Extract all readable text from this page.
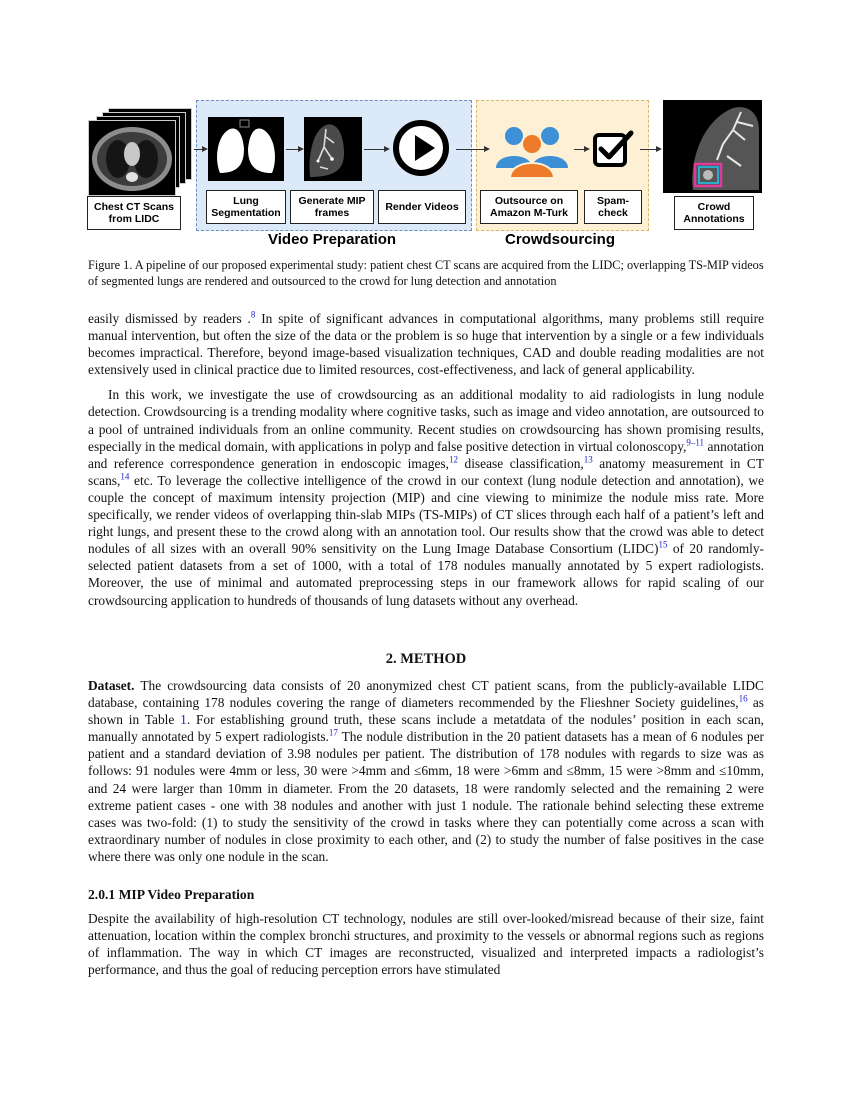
Chest CT Scans
from LIDC
Lung
Segmentation
Generate MIP
frames	Render Videos	Outsource on
Amazon M-Turk
Spam-
check	Crowd
Annotations
Video Preparation	Crowdsourcing
Figure 1. A pipeline of our proposed experimental study: patient chest CT scans are acquired from the LIDC; overlapping TS-MIP videos of segmented lungs are rendered and outsourced to the crowd for lung detection and annotation

easily dismissed by readers .$^8$ In spite of significant advances in computational algorithms, many problems still require manual intervention, but often the size of the data or the problem is so huge that intervention by a single or a few individuals becomes impractical. Therefore, beyond image-based visualization techniques, CAD and double reading modalities are not extensively used in clinical practice due to limited resources, cost-effectiveness, and lack of general applicability.

In this work, we investigate the use of crowdsourcing as an additional modality to aid radiologists in lung nodule detection. Crowdsourcing is a trending modality where cognitive tasks, such as image and video annotation, are outsourced to a pool of untrained individuals from an online community. Recent studies on crowdsourcing has shown promising results, especially in the medical domain, with applications in polyp and false positive detection in virtual colonoscopy,$^{9-11}$ annotation and reference correspondence generation in endoscopic images,$^{12}$ disease classification,$^{13}$ anatomy measurement in CT scans,$^{14}$ etc. To leverage the collective intelligence of the crowd in our context (lung nodule detection and annotation), we couple the concept of maximum intensity projection (MIP) and cine viewing to minimize the nodule miss rate. More specifically, we render videos of overlapping thin-slab MIPs (TS-MIPs) of CT slices through each half of a patient’s left and right lungs, and present these to the crowd along with an annotation tool. Our results show that the crowd was able to detect nodules of all sizes with an overall 90% sensitivity on the Lung Image Database Consortium (LIDC)$^{15}$ of 20 randomly-selected patient datasets from a set of 1000, with a total of 178 nodules manually annotated by 5 expert radiologists. Moreover, the use of minimal and automated preprocessing steps in our framework allows for rapid scaling of our crowdsourcing application to hundreds of thousands of lung datasets without any overhead.

2. METHOD

Dataset. The crowdsourcing data consists of 20 anonymized chest CT patient scans, from the publicly-available LIDC database, containing 178 nodules covering the range of diameters recommended by the Flieshner Society guidelines,$^{16}$ as shown in Table 1. For establishing ground truth, these scans include a metatdata of the nodules’ position in each scan, manually annotated by 5 expert radiologists.$^{17}$ The nodule distribution in the 20 patient datasets has a mean of 6 nodules per patient and a standard deviation of 3.98 nodules per patient. The distribution of 178 nodules with regards to size was as follows: 91 nodules were 4mm or less, 30 were >4mm and ≤6mm, 18 were >6mm and ≤8mm, 15 were >8mm and ≤10mm, and 24 were larger than 10mm in diameter. From the 20 datasets, 18 were randomly selected and the remaining 2 were extreme patient cases - one with 38 nodules and another with just 1 nodule. The rationale behind selecting these extreme cases was two-fold: (1) to study the sensitivity of the crowd in tasks where they can potentially come across a scan with extraordinary number of nodules in close proximity to each other, and (2) to study the number of false positives in the case where there was only one nodule in the scan.

2.0.1 MIP Video Preparation

Despite the availability of high-resolution CT technology, nodules are still over-looked/misread because of their size, faint attenuation, location within the complex bronchi structures, and proximity to the vessels or abnormal regions such as regions of inflammation. The way in which CT images are reconstructed, visualized and interpreted impacts a radiologist’s performance, and thus the goal of reducing perception errors have stimulated
